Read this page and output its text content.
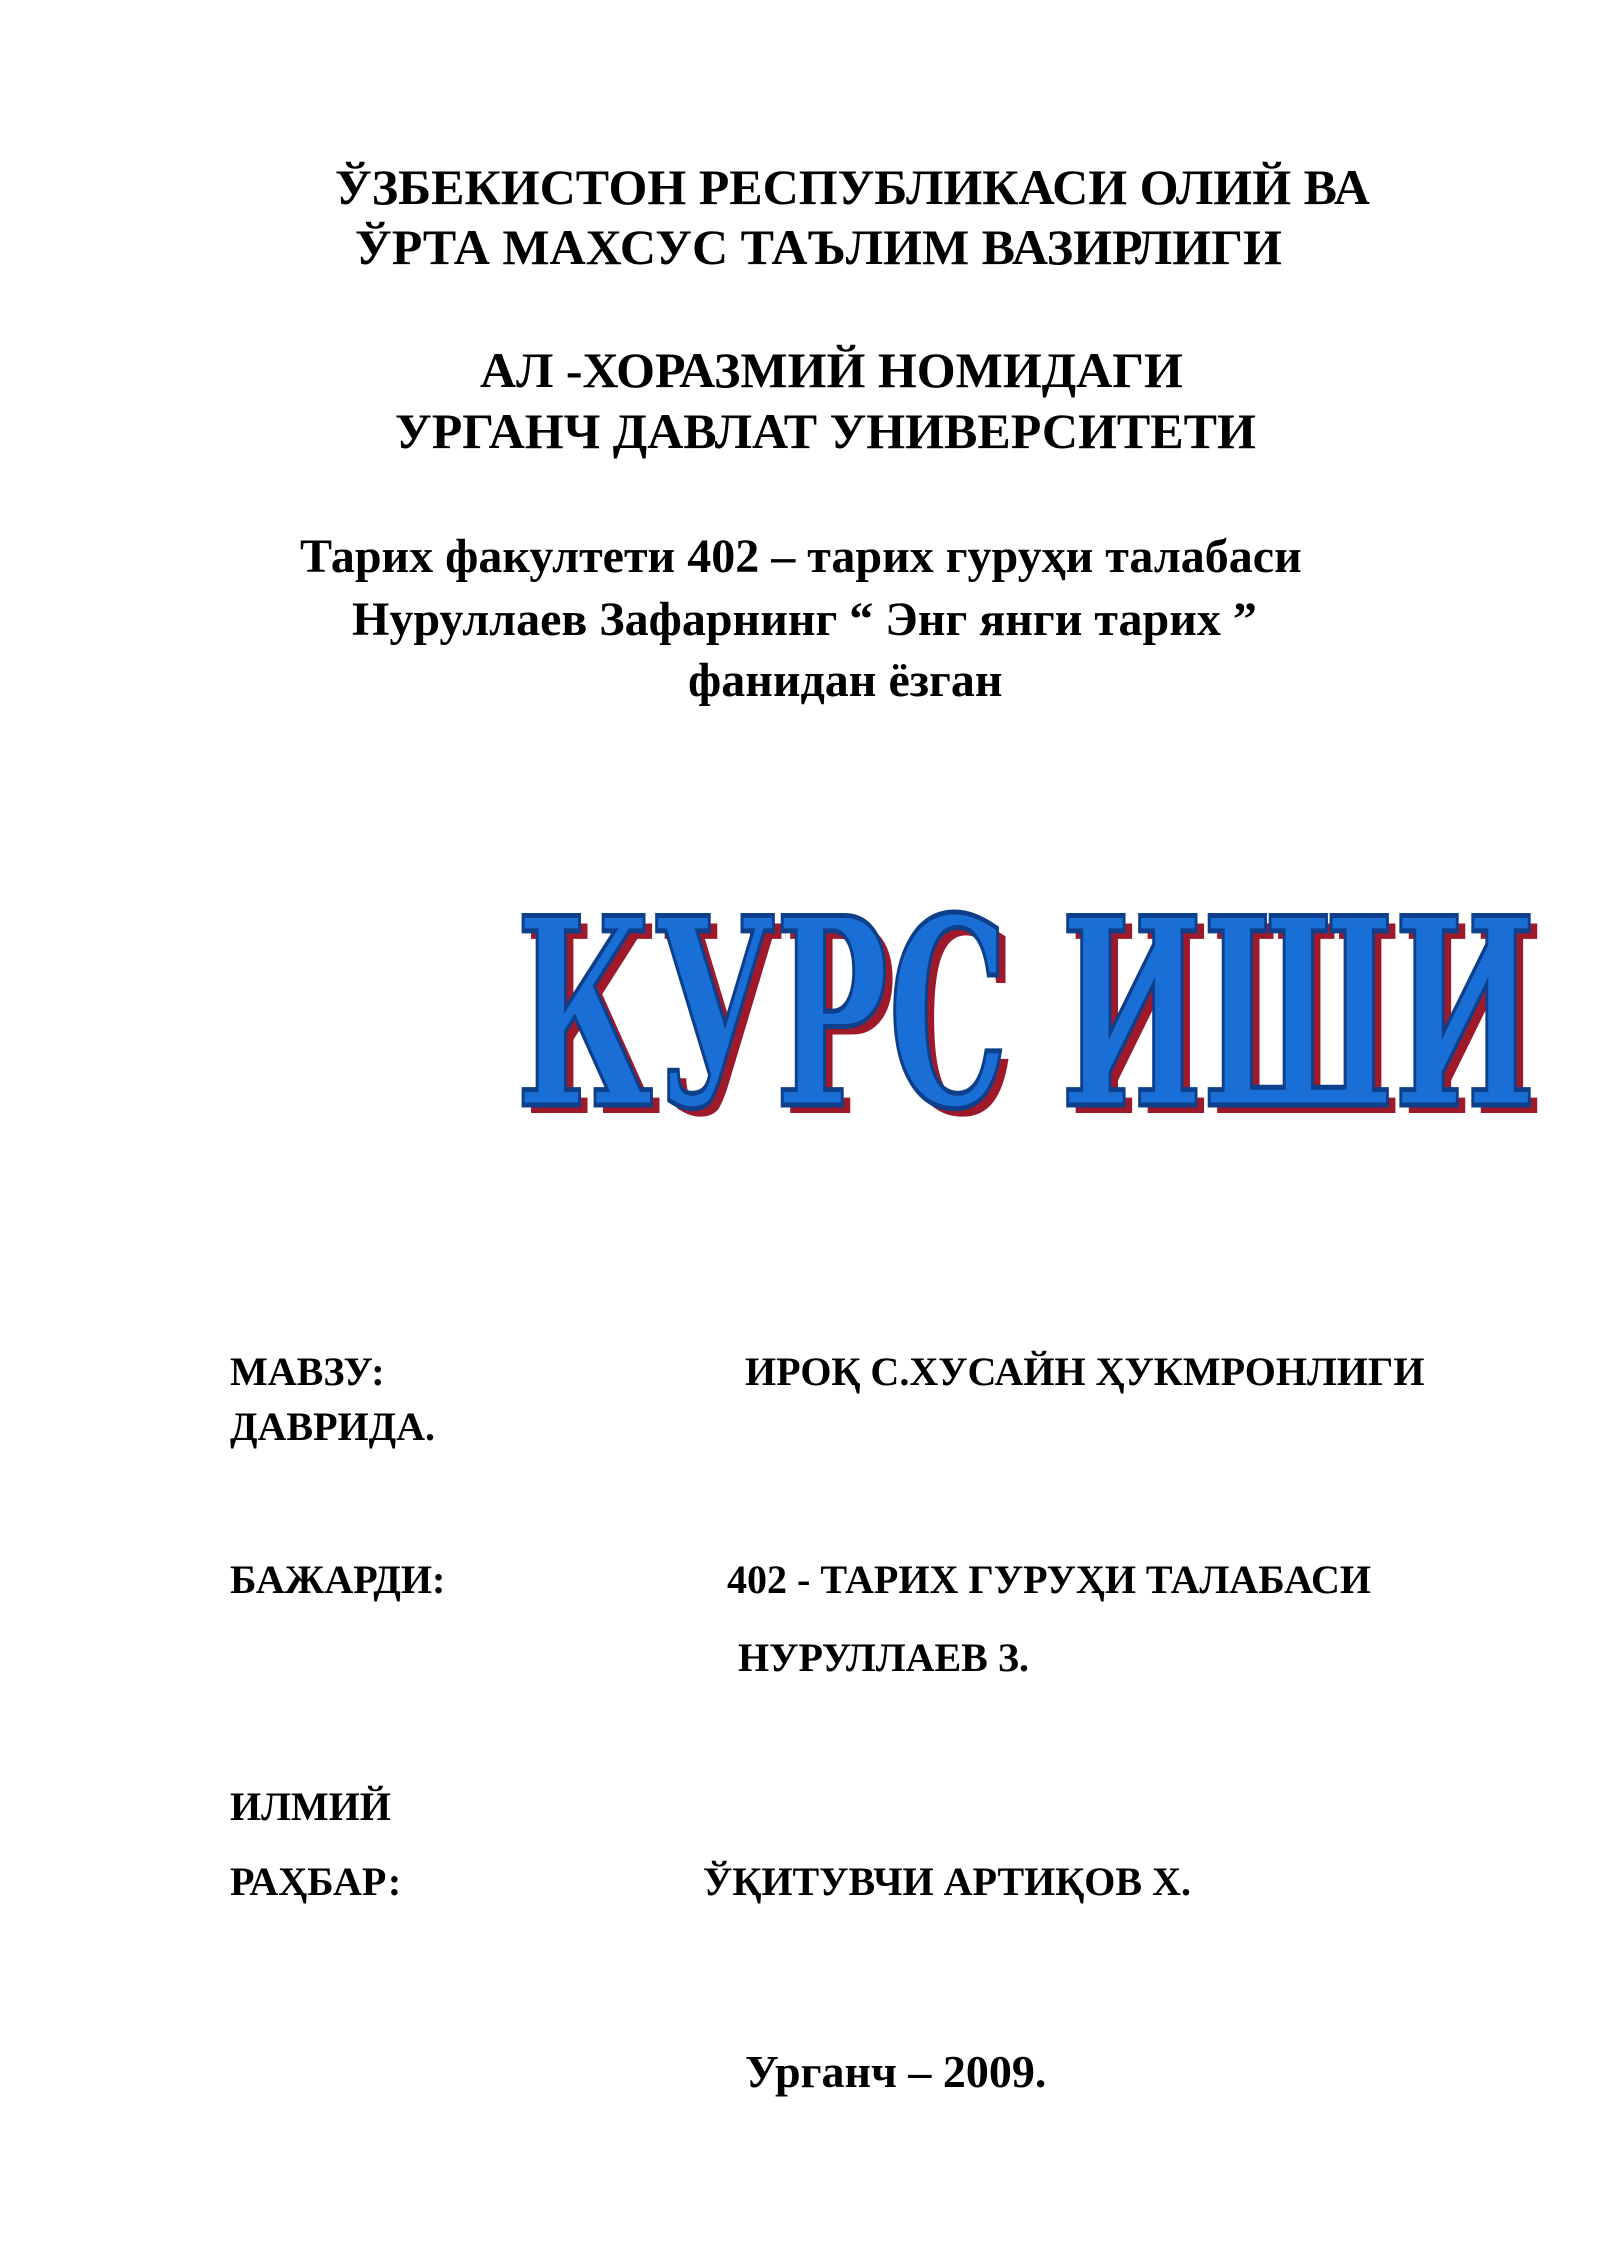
ЎЗБЕКИСТОН РЕСПУБЛИКАСИ ОЛИЙ ВА
ЎРТА МАХСУС ТАЪЛИМ ВАЗИРЛИГИ
АЛ -ХОРАЗМИЙ НОМИДАГИ
УРГАНЧ ДАВЛАТ УНИВЕРСИТЕТИ
Тарих факултети 402 – тарих гуруҳи талабаси
Нуруллаев Зафарнинг “ Энг янги тарих ”
фанидан ёзган
КУРС ИШИ
КУРС ИШИ
МАВЗУ:	ИРОҚ С.ХУСАЙН ҲУКМРОНЛИГИ
ДАВРИДА.
БАЖАРДИ:	402 - ТАРИХ ГУРУҲИ ТАЛАБАСИ
НУРУЛЛАЕВ З.
ИЛМИЙ
РАҲБАР:	ЎҚИТУВЧИ АРТИҚОВ Х.
Урганч – 2009.
